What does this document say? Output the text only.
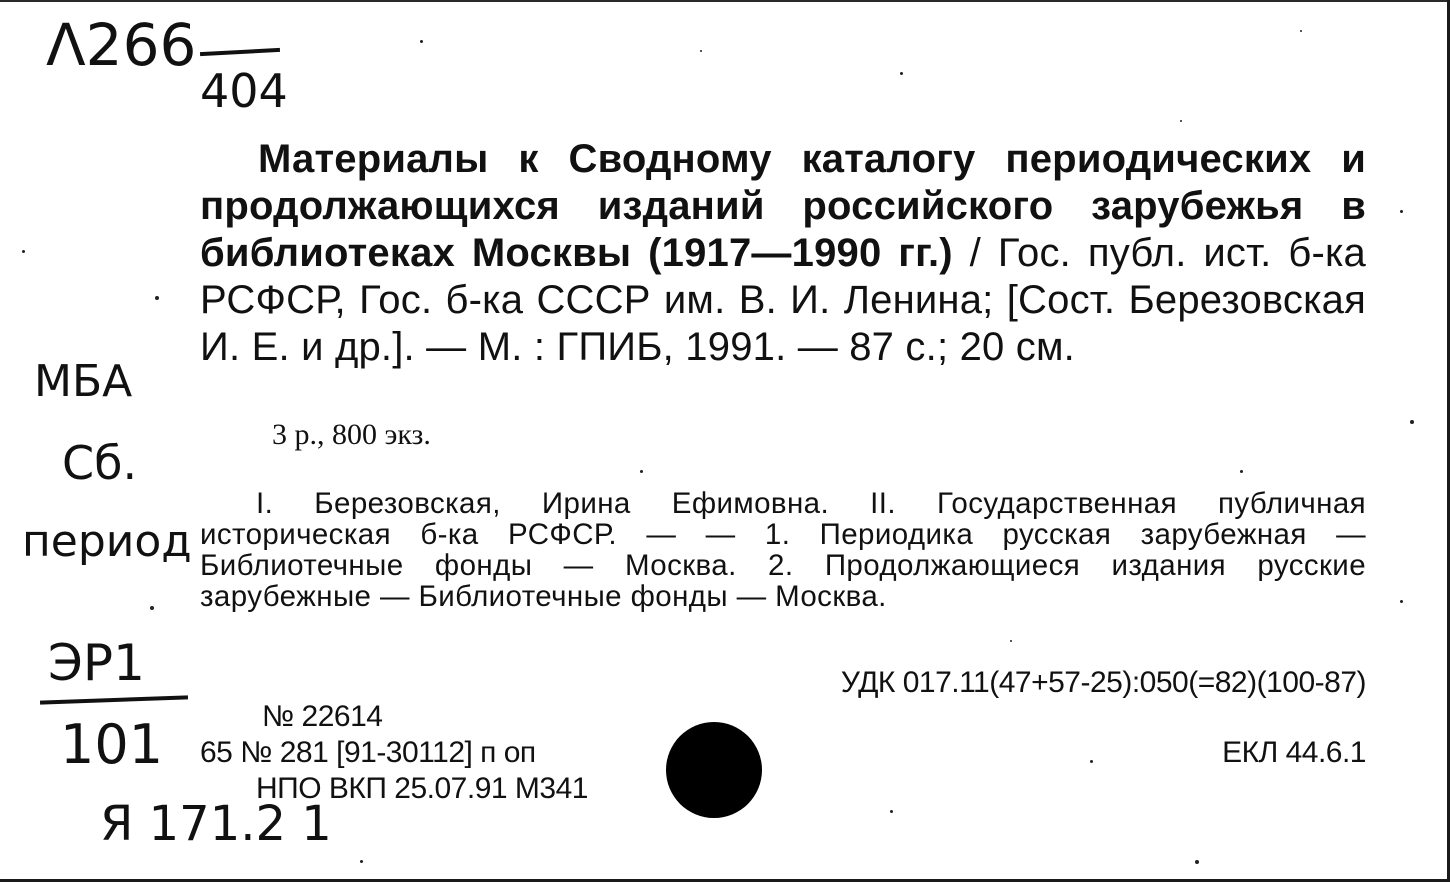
Λ266
404
МБА
Сб.
период
ЭР1
101
Я 171.2 1
Материалы к Сводному каталогу периодических и продолжающихся изданий российского зарубежья в библиотеках Москвы (1917—1990 гг.) / Гос. публ. ист. б-ка РСФСР, Гос. б-ка СССР им. В. И. Ленина; [Сост. Березовская И. Е. и др.]. — М. : ГПИБ, 1991. — 87 с.; 20 см.
3 р., 800 экз.
I. Березовская, Ирина Ефимовна. II. Государственная публичная историческая б-ка РСФСР. — — 1. Периодика русская зарубежная — Библиотечные фонды — Москва. 2. Продолжающиеся издания русские зарубежные — Библиотечные фонды — Москва.
УДК 017.11(47+57-25):050(=82)(100-87)
№ 22614
65 № 281 [91-30112] п оп
НПО ВКП 25.07.91 М341
ЕКЛ 44.6.1
